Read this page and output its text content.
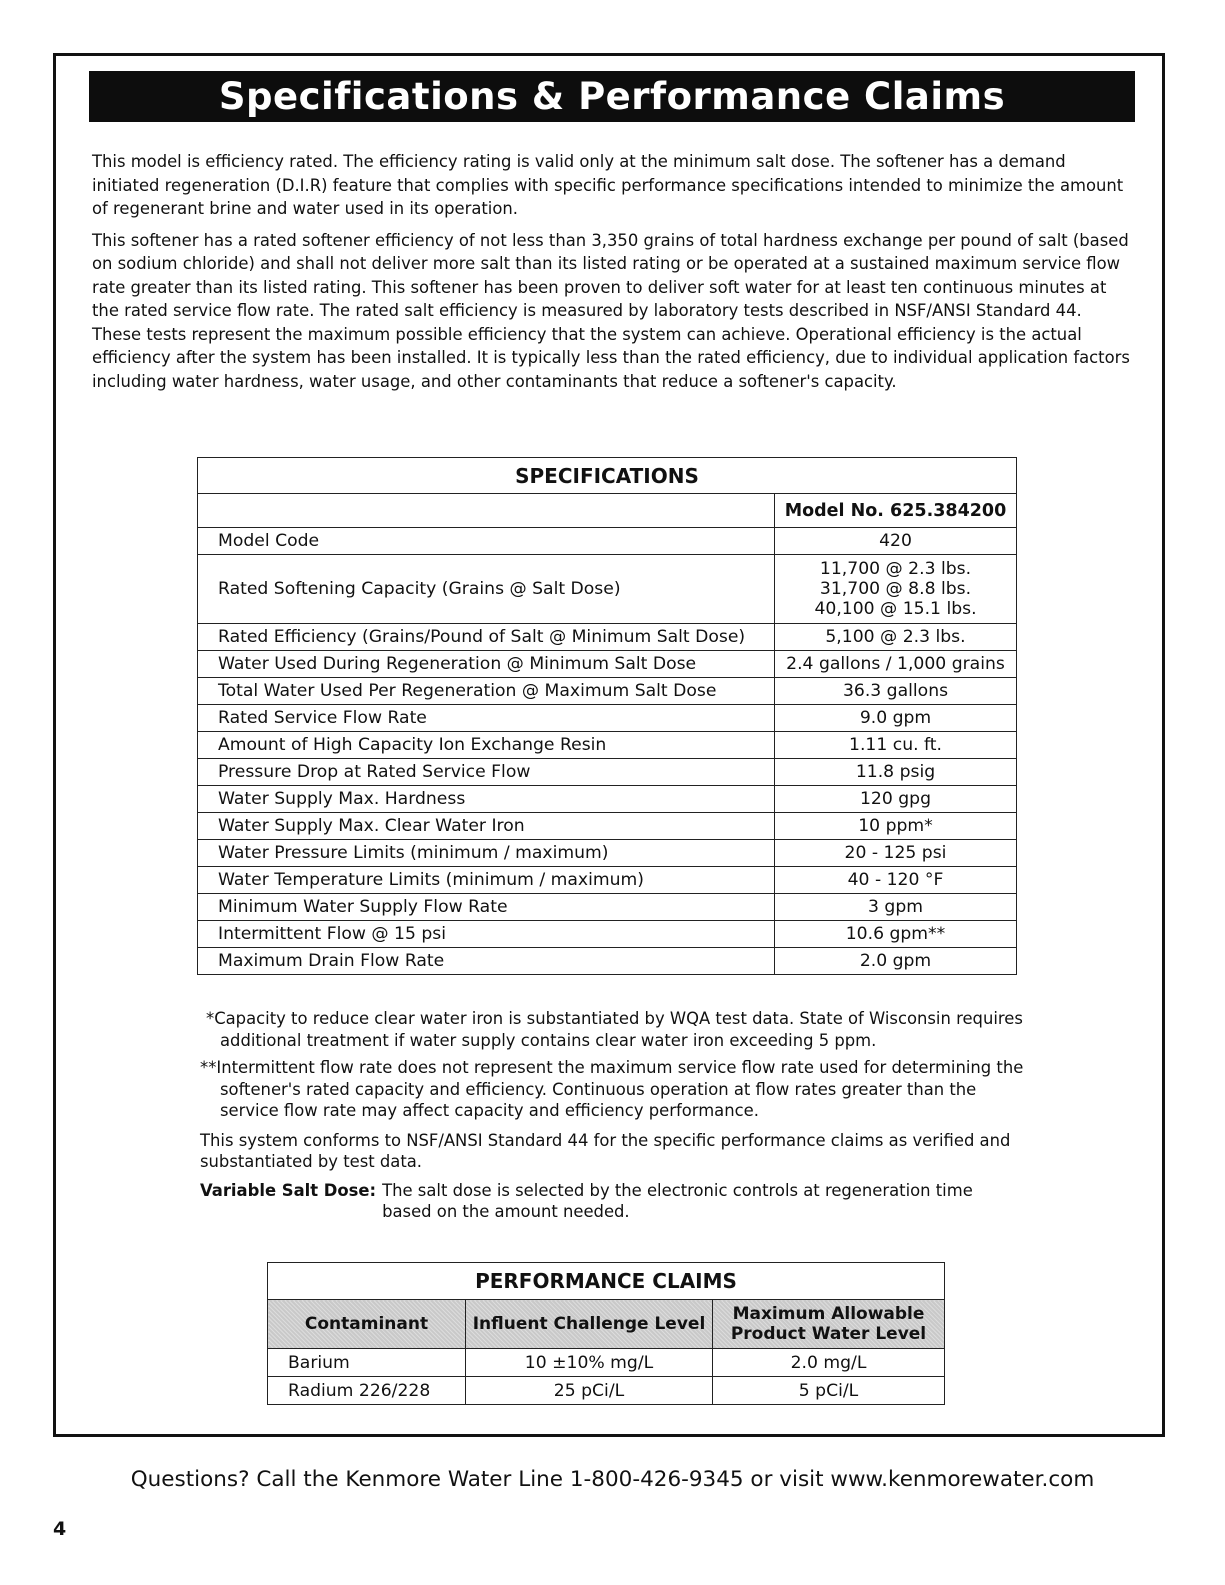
Specifications & Performance Claims

This model is efficiency rated. The efficiency rating is valid only at the minimum salt dose. The softener has a demand initiated regeneration (D.I.R) feature that complies with specific performance specifications intended to minimize the amount of regenerant brine and water used in its operation.

This softener has a rated softener efficiency of not less than 3,350 grains of total hardness exchange per pound of salt (based on sodium chloride) and shall not deliver more salt than its listed rating or be operated at a sustained maximum service flow rate greater than its listed rating. This softener has been proven to deliver soft water for at least ten continuous minutes at the rated service flow rate. The rated salt efficiency is measured by laboratory tests described in NSF/ANSI Standard 44. These tests represent the maximum possible efficiency that the system can achieve. Operational efficiency is the actual efficiency after the system has been installed. It is typically less than the rated efficiency, due to individual application factors including water hardness, water usage, and other contaminants that reduce a softener's capacity.

SPECIFICATIONS	
	Model No. 625.384200
Model Code	420
Rated Softening Capacity (Grains @ Salt Dose)	11,700 @ 2.3 lbs.
31,700 @ 8.8 lbs.
40,100 @ 15.1 lbs.

Rated Efficiency (Grains/Pound of Salt @ Minimum Salt Dose)	5,100 @ 2.3 lbs.
Water Used During Regeneration @ Minimum Salt Dose	2.4 gallons / 1,000 grains
Total Water Used Per Regeneration @ Maximum Salt Dose	36.3 gallons
Rated Service Flow Rate	9.0 gpm
Amount of High Capacity Ion Exchange Resin	1.11 cu. ft.
Pressure Drop at Rated Service Flow	11.8 psig
Water Supply Max. Hardness	120 gpg
Water Supply Max. Clear Water Iron	10 ppm*
Water Pressure Limits (minimum / maximum)	20 - 125 psi
Water Temperature Limits (minimum / maximum)	40 - 120 °F
Minimum Water Supply Flow Rate	3 gpm
Intermittent Flow @ 15 psi	10.6 gpm**
Maximum Drain Flow Rate	2.0 gpm

*Capacity to reduce clear water iron is substantiated by WQA test data. State of Wisconsin requires additional treatment if water supply contains clear water iron exceeding 5 ppm.

**Intermittent flow rate does not represent the maximum service flow rate used for determining the softener's rated capacity and efficiency. Continuous operation at flow rates greater than the service flow rate may affect capacity and efficiency performance.

This system conforms to NSF/ANSI Standard 44 for the specific performance claims as verified and substantiated by test data.

Variable Salt Dose: The salt dose is selected by the electronic controls at regeneration time based on the amount needed.
PERFORMANCE CLAIMS		
Contaminant	Influent Challenge Level	Maximum Allowable Product Water Level
Barium	10 ±10% mg/L	2.0 mg/L
Radium 226/228	25 pCi/L	5 pCi/L
Questions? Call the Kenmore Water Line 1-800-426-9345 or visit www.kenmorewater.com
4
